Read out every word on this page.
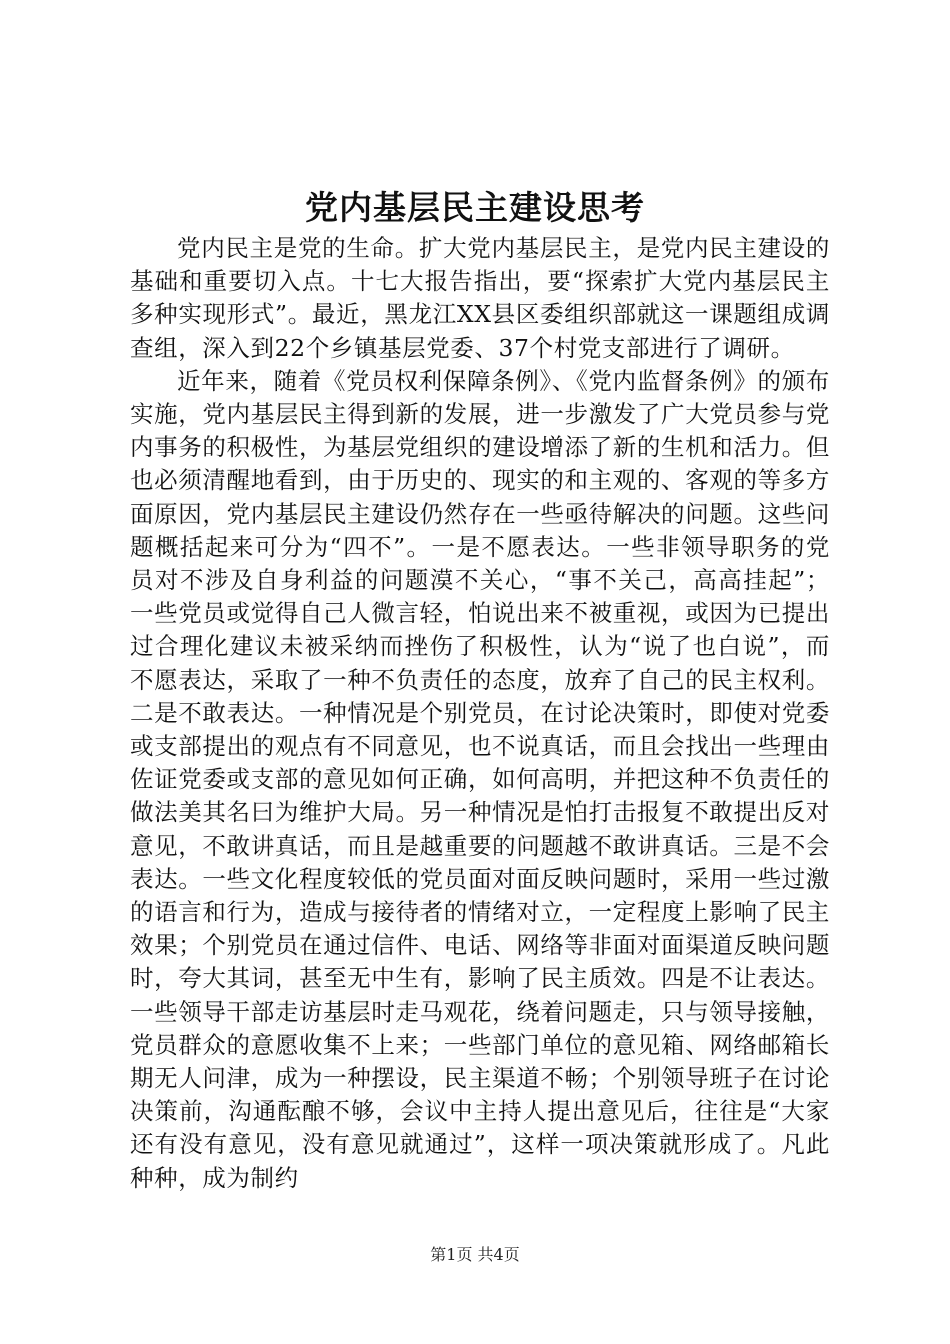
党内基层民主建设思考

党内民主是党的生命。扩大党内基层民主，是党内民主建设的基础和重要切入点。十七大报告指出，要“探索扩大党内基层民主多种实现形式”。最近，黑龙江XX县区委组织部就这一课题组成调查组，深入到22个乡镇基层党委、37个村党支部进行了调研。

近年来，随着《党员权利保障条例》、《党内监督条例》的颁布实施，党内基层民主得到新的发展，进一步激发了广大党员参与党内事务的积极性，为基层党组织的建设增添了新的生机和活力。但也必须清醒地看到，由于历史的、现实的和主观的、客观的等多方面原因，党内基层民主建设仍然存在一些亟待解决的问题。这些问题概括起来可分为“四不”。一是不愿表达。一些非领导职务的党员对不涉及自身利益的问题漠不关心，“事不关己，高高挂起”；一些党员或觉得自己人微言轻，怕说出来不被重视，或因为已提出过合理化建议未被采纳而挫伤了积极性，认为“说了也白说”，而不愿表达，采取了一种不负责任的态度，放弃了自己的民主权利。二是不敢表达。一种情况是个别党员，在讨论决策时，即使对党委或支部提出的观点有不同意见，也不说真话，而且会找出一些理由佐证党委或支部的意见如何正确，如何高明，并把这种不负责任的做法美其名曰为维护大局。另一种情况是怕打击报复不敢提出反对意见，不敢讲真话，而且是越重要的问题越不敢讲真话。三是不会表达。一些文化程度较低的党员面对面反映问题时，采用一些过激的语言和行为，造成与接待者的情绪对立，一定程度上影响了民主效果；个别党员在通过信件、电话、网络等非面对面渠道反映问题时，夸大其词，甚至无中生有，影响了民主质效。四是不让表达。一些领导干部走访基层时走马观花，绕着问题走，只与领导接触，党员群众的意愿收集不上来；一些部门单位的意见箱、网络邮箱长期无人问津，成为一种摆设，民主渠道不畅；个别领导班子在讨论决策前，沟通酝酿不够，会议中主持人提出意见后，往往是“大家还有没有意见，没有意见就通过”，这样一项决策就形成了。凡此种种，成为制约

第1页 共4页
